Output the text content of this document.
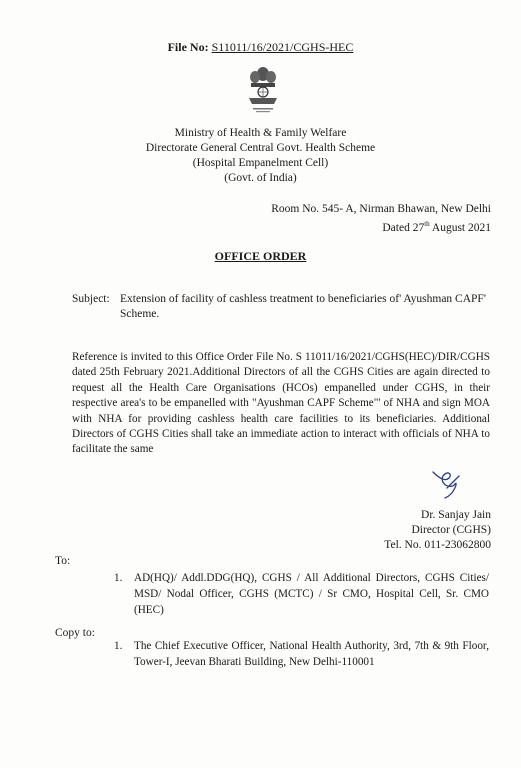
File No: S11011/16/2021/CGHS-HEC
Ministry of Health & Family Welfare
Directorate General Central Govt. Health Scheme
(Hospital Empanelment Cell)
(Govt. of India)
Room No. 545- A, Nirman Bhawan, New Delhi
Dated 27th August 2021
OFFICE ORDER
Subject: Extension of facility of cashless treatment to beneficiaries of' Ayushman CAPF' Scheme.
Reference is invited to this Office Order File No. S 11011/16/2021/CGHS(HEC)/DIR/CGHS dated 25th February 2021.Additional Directors of all the CGHS Cities are again directed to request all the Health Care Organisations (HCOs) empanelled under CGHS, in their respective area's to be empanelled with "Ayushman CAPF Scheme"' of NHA and sign MOA with NHA for providing cashless health care facilities to its beneficiaries. Additional Directors of CGHS Cities shall take an immediate action to interact with officials of NHA to facilitate the same
Dr. Sanjay Jain
Director (CGHS)
Tel. No. 011-23062800
To:
1.	AD(HQ)/ Addl.DDG(HQ), CGHS / All Additional Directors, CGHS Cities/ MSD/ Nodal Officer, CGHS (MCTC) / Sr CMO, Hospital Cell, Sr. CMO (HEC)
Copy to:
1.	The Chief Executive Officer, National Health Authority, 3rd, 7th & 9th Floor, Tower-I, Jeevan Bharati Building, New Delhi-110001
